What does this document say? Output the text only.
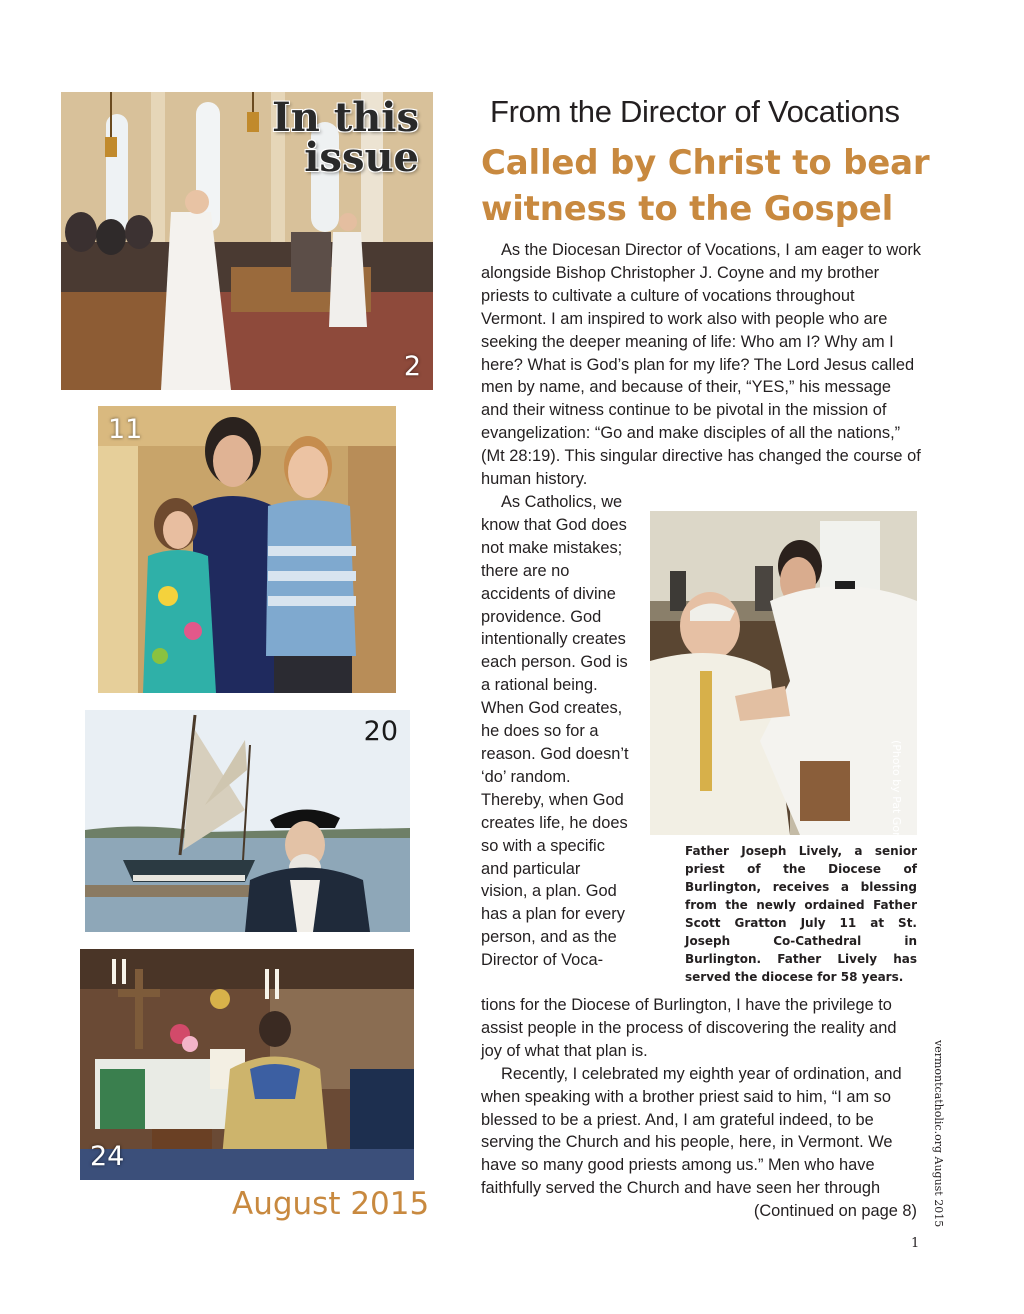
In this
issue
2
11
20
24
August 2015
From the Director of Vocations
Called by Christ to bear witness to the Gospel

As the Diocesan Director of Vocations, I am eager to work alongside Bishop Christopher J. Coyne and my brother priests to cultivate a culture of vocations throughout Vermont. I am inspired to work also with people who are seeking the deeper meaning of life: Who am I? Why am I here? What is God’s plan for my life? The Lord Jesus called men by name, and because of their, “YES,” his message and their witness continue to be pivotal in the mission of evangelization: “Go and make disciples of all the nations,” (Mt 28:19). This singular directive has changed the course of human history.

As Catholics, we know that God does not make mistakes; there are no accidents of divine providence. God intentionally creates each person. God is a rational being. When God creates, he does so for a reason. God doesn’t ‘do’ random. Thereby, when God creates life, he does so with a specific and particular vision, a plan. God has a plan for every person, and as the Director of Voca-

(Photo by Pat Gore)
Father Joseph Lively, a senior priest of the Diocese of Burlington, receives a blessing from the newly ordained Father Scott Gratton July 11 at St. Joseph Co-Cathedral in Burlington. Father Lively has served the diocese for 58 years.

tions for the Diocese of Burlington, I have the privilege to assist people in the process of discovering the reality and joy of what that plan is.

Recently, I celebrated my eighth year of ordination, and when speaking with a brother priest said to him, “I am so blessed to be a priest. And, I am grateful indeed, to be serving the Church and his people, here, in Vermont. We have so many good priests among us.” Men who have faithfully served the Church and have seen her through

(Continued on page 8)	vermontcatholic.org August 2015
1
